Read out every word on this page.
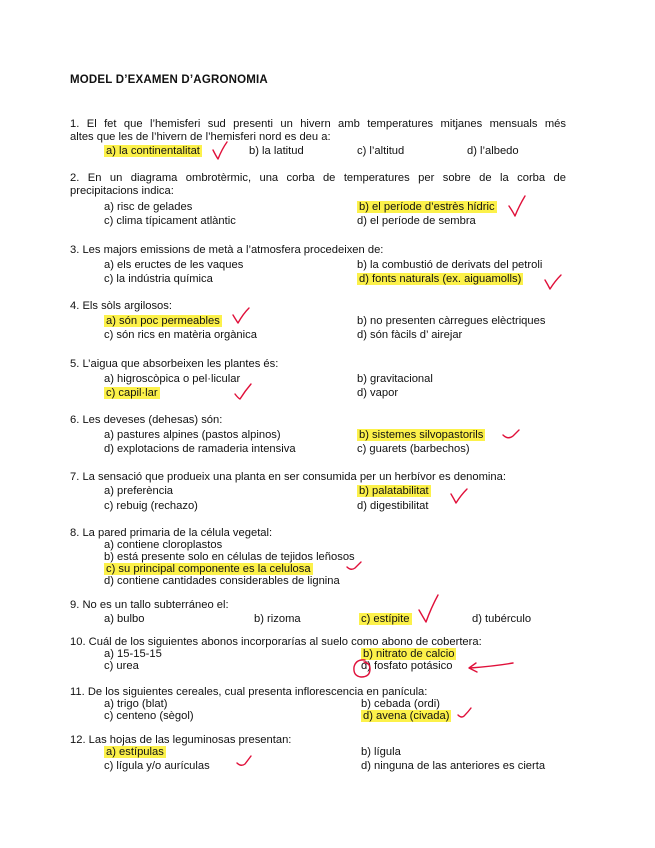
MODEL D’EXAMEN D’AGRONOMIA
1. El fet que l’hemisferi sud presenti un hivern amb temperatures mitjanes mensuals més
altes que les de l’hivern de l’hemisferi nord es deu a:
a) la continentalitat	b) la latitud	c) l’altitud	d) l’albedo
2. En un diagrama ombrotèrmic, una corba de temperatures per sobre de la corba de
precipitacions indica:
a) risc de gelades	b) el període d’estrès hídric
c) clima típicament atlàntic	d) el període de sembra
3. Les majors emissions de metà a l’atmosfera procedeixen de:
a) els eructes de les vaques	b) la combustió de derivats del petroli
c) la indústria química	d) fonts naturals (ex. aiguamolls)
4. Els sòls argilosos:
a) són poc permeables	b) no presenten càrregues elèctriques
c) són rics en matèria orgànica	d) són fàcils d’ airejar
5. L’aigua que absorbeixen les plantes és:
a) higroscòpica o pel·licular	b) gravitacional
c) capil·lar	d) vapor
6. Les deveses (dehesas) són:
a) pastures alpines (pastos alpinos)	b) sistemes silvopastorils
d) explotacions de ramaderia intensiva	c) guarets (barbechos)
7. La sensació que produeix una planta en ser consumida per un herbívor es denomina:
a) preferència	b) palatabilitat
c) rebuig (rechazo)	d) digestibilitat
8. La pared primaria de la célula vegetal:
a) contiene cloroplastos
b) está presente solo en células de tejidos leñosos
c) su principal componente es la celulosa
d) contiene cantidades considerables de lignina
9. No es un tallo subterráneo el:
a) bulbo	b) rizoma	c) estípite	d) tubérculo
10. Cuál de los siguientes abonos incorporarías al suelo como abono de cobertera:
a) 15-15-15	b) nitrato de calcio
c) urea	d) fosfato potásico
11. De los siguientes cereales, cual presenta inflorescencia en panícula:
a) trigo (blat)	b) cebada (ordi)
c) centeno (sègol)	d) avena (civada)
12. Las hojas de las leguminosas presentan:
a) estípulas	b) lígula
c) lígula y/o aurículas	d) ninguna de las anteriores es cierta
